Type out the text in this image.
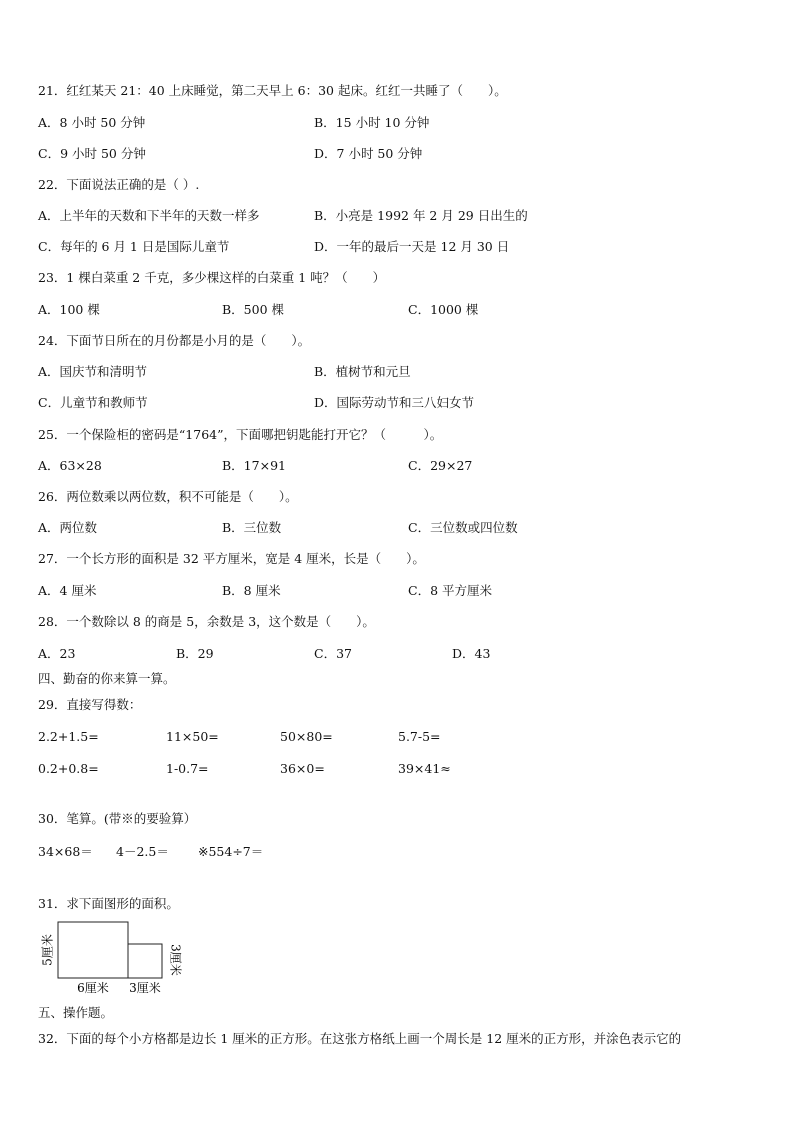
21．红红某天 21：40 上床睡觉，第二天早上 6：30 起床。红红一共睡了（　　）。
A．8 小时 50 分钟	B．15 小时 10 分钟
C．9 小时 50 分钟	D．7 小时 50 分钟
22．下面说法正确的是（ ）.
A．上半年的天数和下半年的天数一样多	B．小亮是 1992 年 2 月 29 日出生的
C．每年的 6 月 1 日是国际儿童节	D．一年的最后一天是 12 月 30 日
23．1 棵白菜重 2 千克，多少棵这样的白菜重 1 吨？（　　）
A．100 棵	B．500 棵	C．1000 棵
24．下面节日所在的月份都是小月的是（　　）。
A．国庆节和清明节	B．植树节和元旦
C．儿童节和教师节	D．国际劳动节和三八妇女节
25．一个保险柜的密码是“1764”，下面哪把钥匙能打开它？（　　　）。
A．63×28	B．17×91	C．29×27
26．两位数乘以两位数，积不可能是（　　）。
A．两位数	B．三位数	C．三位数或四位数
27．一个长方形的面积是 32 平方厘米，宽是 4 厘米，长是（　　）。
A．4 厘米	B．8 厘米	C．8 平方厘米
28．一个数除以 8 的商是 5，余数是 3，这个数是（　　）。
A．23	B．29	C．37	D．43
四、勤奋的你来算一算。
29．直接写得数：
2.2+1.5=	11×50=	50×80=	5.7-5=
0.2+0.8=	1-0.7=	36×0=	39×41≈
30．笔算。(带※的要验算）
34×68＝ 4－2.5＝ ※554÷7＝
31．求下面图形的面积。
5厘米	3厘米
6厘米 3厘米
五、操作题。
32．下面的每个小方格都是边长 1 厘米的正方形。在这张方格纸上画一个周长是 12 厘米的正方形，并涂色表示它的
